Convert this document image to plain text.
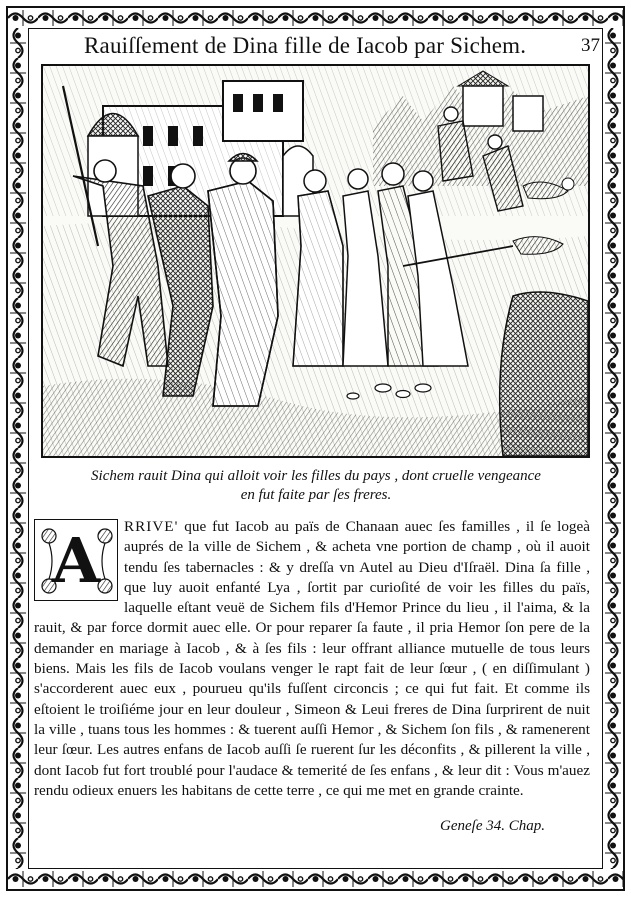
Rauiſſement de Dina fille de Iacob par Sichem.	37
Sichem rauit Dina qui alloit voir les filles du pays , dont cruelle vengeance
en fut faite par ſes freres.
A	RRIVE' que fut Iacob au païs de Chanaan auec ſes familles , il ſe logeà auprés de la ville de Sichem , & acheta vne portion de champ , où il auoit tendu ſes tabernacles : & y dreſſa vn Autel au Dieu d'Iſraël. Dina ſa fille , que luy auoit enfanté Lya , ſortit par curioſité de voir les filles du païs, laquelle eſtant veuë de Sichem fils d'Hemor Prince du lieu , il l'aima, & la rauit, & par force dormit auec elle. Or pour reparer ſa faute , il pria Hemor ſon pere de la demander en mariage à Iacob , & à ſes fils : leur offrant alliance mutuelle de tous leurs biens. Mais les fils de Iacob voulans venger le rapt fait de leur ſœur , ( en diſſimulant ) s'accorderent auec eux , pourueu qu'ils fuſſent circoncis ; ce qui fut fait. Et comme ils eſtoient le troiſiéme jour en leur douleur , Simeon & Leui freres de Dina ſurprirent de nuit la ville , tuans tous les hommes : & tuerent auſſi Hemor , & Sichem ſon fils , & ramenerent leur ſœur. Les autres enfans de Iacob auſſi ſe ruerent ſur les déconfits , & pillerent la ville , dont Iacob fut fort troublé pour l'audace & temerité de ſes enfans , & leur dit : Vous m'auez rendu odieux enuers les habitans de cette terre , ce qui me met en grande crainte.
Geneſe 34. Chap.
